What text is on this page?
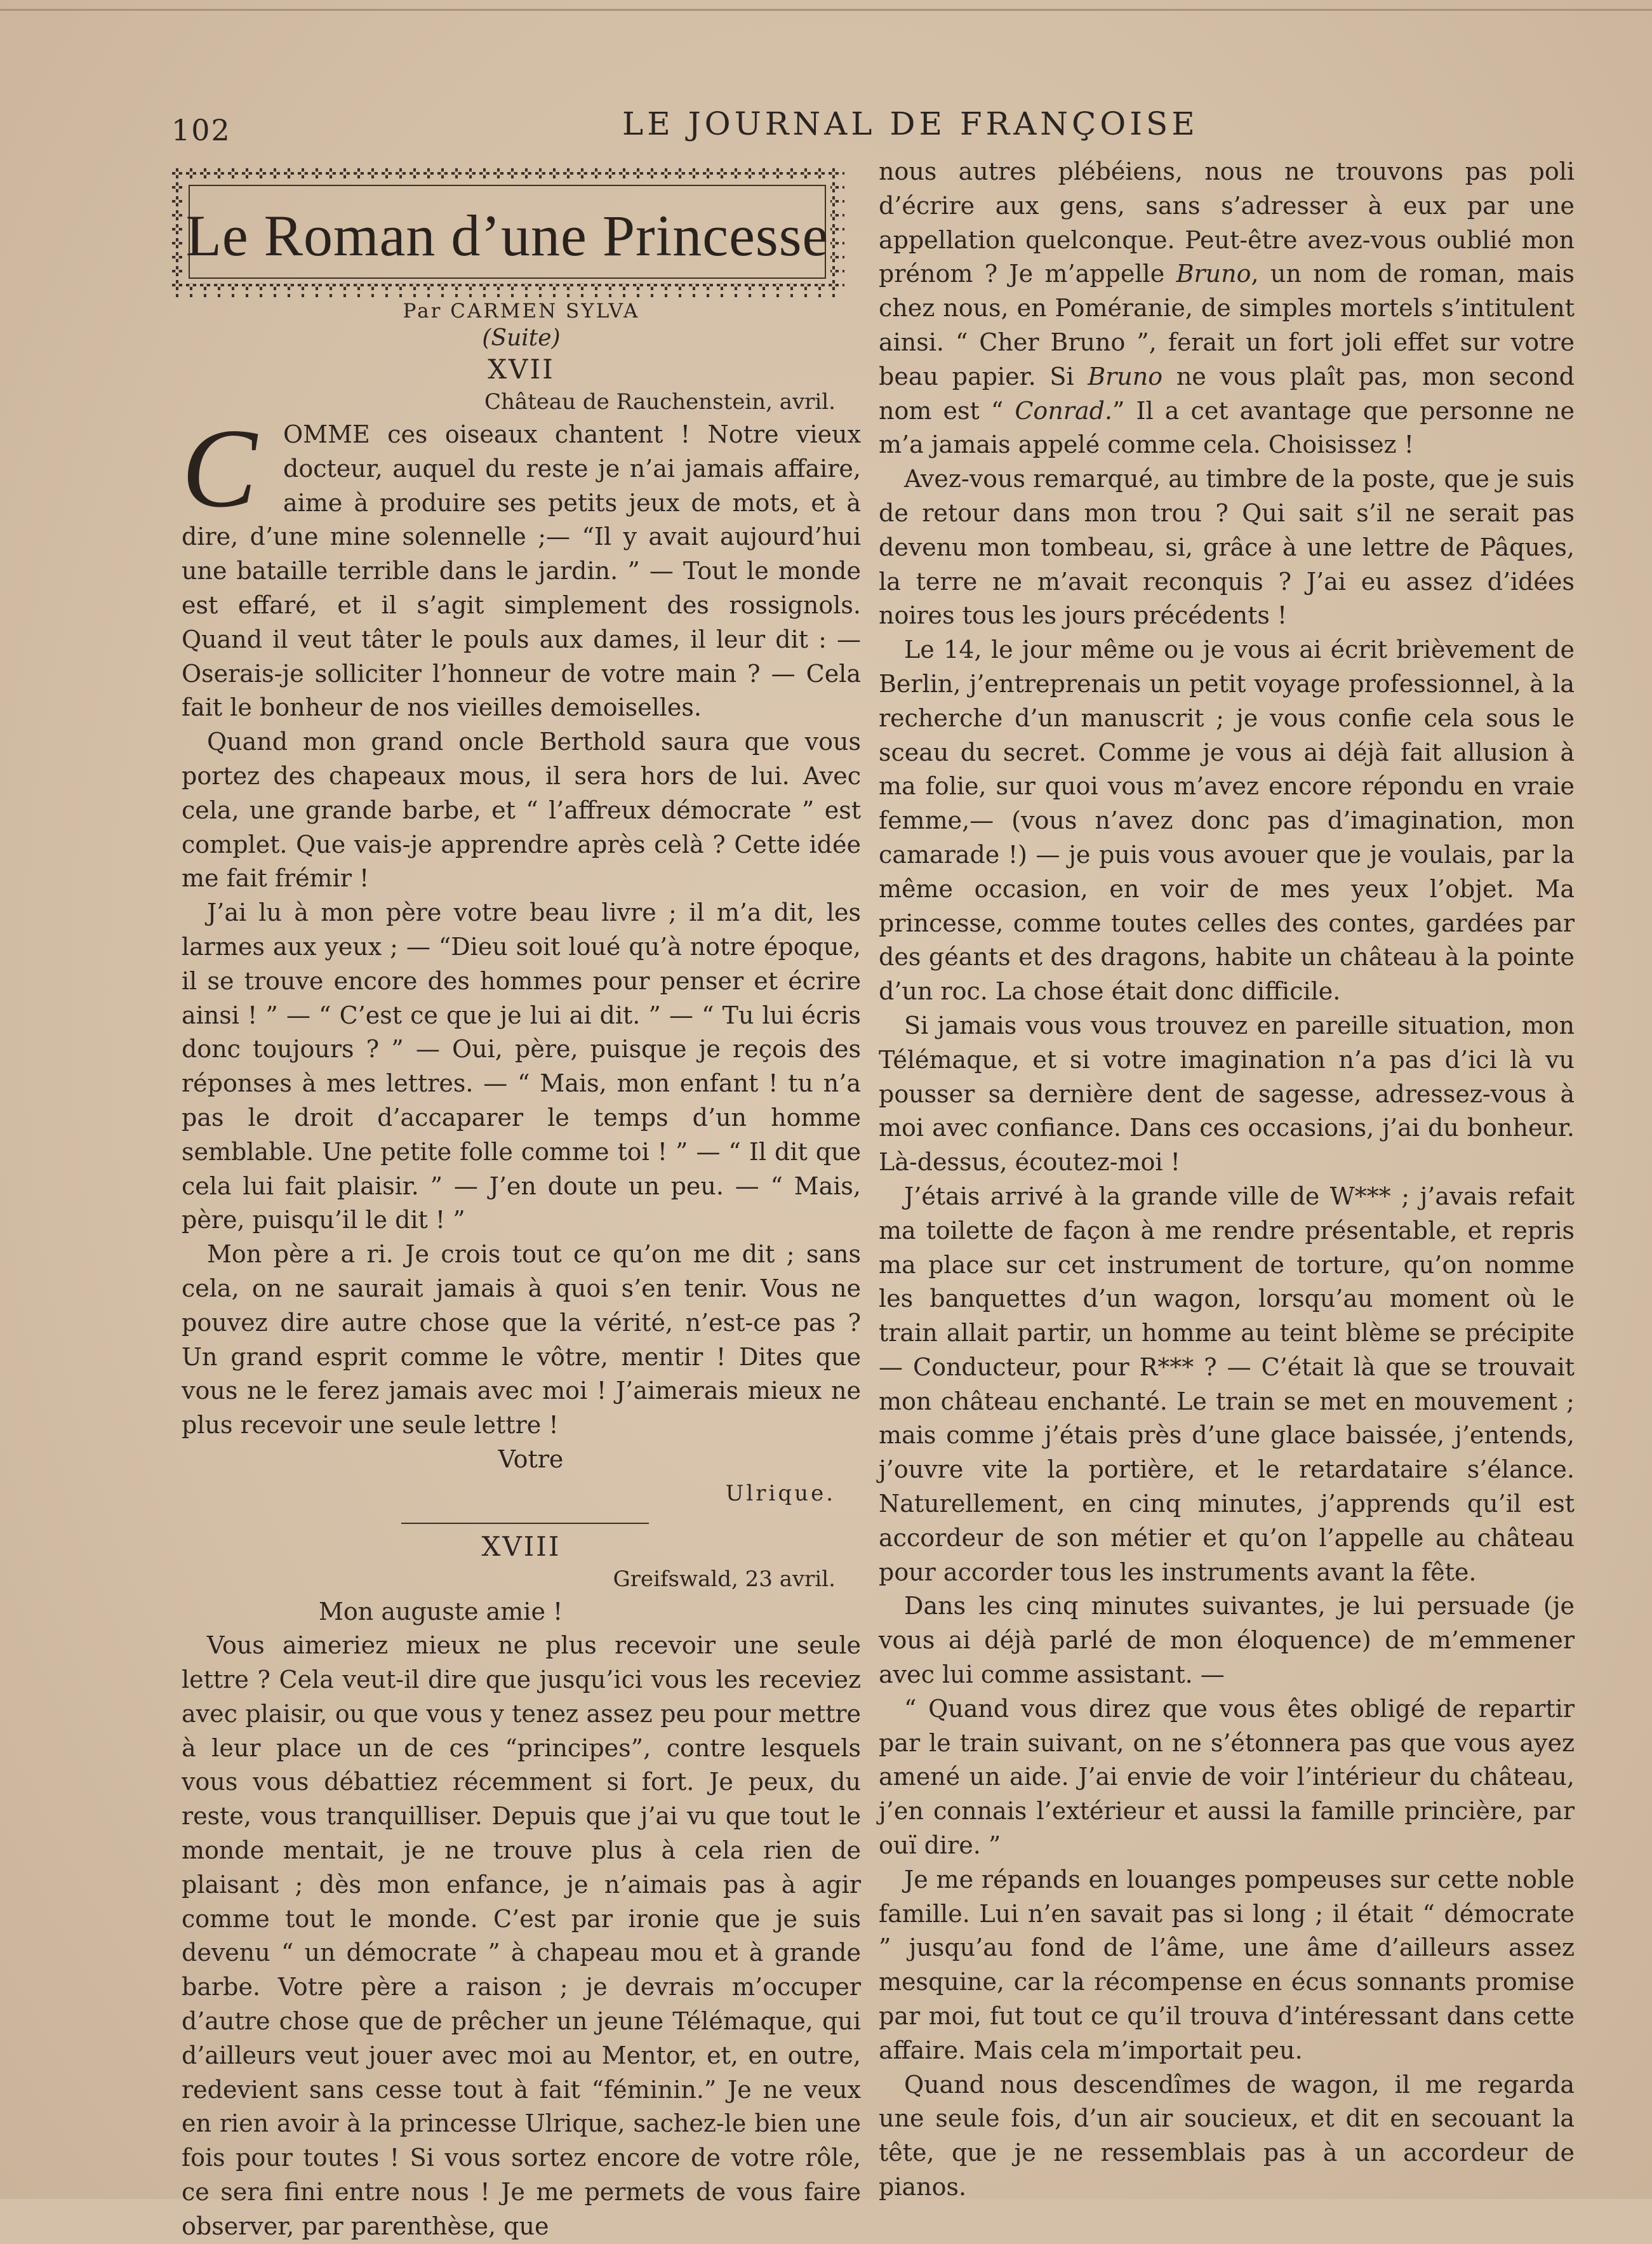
102	LE JOURNAL DE FRANÇOISE
Le Roman d’une Princesse
Par CARMEN SYLVA
(Suite)
XVII
Château de Rauchenstein, avril.

C	OMME ces oiseaux chantent ! Notre vieux docteur, auquel du reste je n’ai jamais affaire, aime à produire ses petits jeux de mots, et à dire, d’une mine solennelle ;— “Il y avait aujourd’hui une bataille terrible dans le jardin. ” — Tout le monde est effaré, et il s’agit simplement des rossignols. Quand il veut tâter le pouls aux dames, il leur dit : — Oserais-je solliciter l’honneur de votre main ? — Cela fait le bonheur de nos vieilles demoiselles.

Quand mon grand oncle Berthold saura que vous portez des chapeaux mous, il sera hors de lui. Avec cela, une grande barbe, et “ l’affreux démocrate ” est complet. Que vais-je apprendre après celà ? Cette idée me fait frémir !

J’ai lu à mon père votre beau livre ; il m’a dit, les larmes aux yeux ; — “Dieu soit loué qu’à notre époque, il se trouve encore des hommes pour penser et écrire ainsi ! ” — “ C’est ce que je lui ai dit. ” — “ Tu lui écris donc toujours ? ” — Oui, père, puisque je reçois des réponses à mes lettres. — “ Mais, mon enfant ! tu n’a pas le droit d’accaparer le temps d’un homme semblable. Une petite folle comme toi ! ” — “ Il dit que cela lui fait plaisir. ” — J’en doute un peu. — “ Mais, père, puisqu’il le dit ! ”

Mon père a ri. Je crois tout ce qu’on me dit ; sans cela, on ne saurait jamais à quoi s’en tenir. Vous ne pouvez dire autre chose que la vérité, n’est-ce pas ? Un grand esprit comme le vôtre, mentir ! Dites que vous ne le ferez jamais avec moi ! J’aimerais mieux ne plus recevoir une seule lettre !

Votre
Ulrique.
XVIII
Greifswald, 23 avril.

Mon auguste amie !

Vous aimeriez mieux ne plus recevoir une seule lettre ? Cela veut-il dire que jusqu’ici vous les receviez avec plaisir, ou que vous y tenez assez peu pour mettre à leur place un de ces “principes”, contre lesquels vous vous débattiez récemment si fort. Je peux, du reste, vous tranquilliser. Depuis que j’ai vu que tout le monde mentait, je ne trouve plus à cela rien de plaisant ; dès mon enfance, je n’aimais pas à agir comme tout le monde. C’est par ironie que je suis devenu “ un démocrate ” à chapeau mou et à grande barbe. Votre père a raison ; je devrais m’occuper d’autre chose que de prêcher un jeune Télémaque, qui d’ailleurs veut jouer avec moi au Mentor, et, en outre, redevient sans cesse tout à fait “féminin.” Je ne veux en rien avoir à la princesse Ulrique, sachez-le bien une fois pour toutes ! Si vous sortez encore de votre rôle, ce sera fini entre nous ! Je me permets de vous faire observer, par parenthèse, que

nous autres plébéiens, nous ne trouvons pas poli d’écrire aux gens, sans s’adresser à eux par une appellation quelconque. Peut-être avez-vous oublié mon prénom ? Je m’appelle Bruno, un nom de roman, mais chez nous, en Poméranie, de simples mortels s’intitulent ainsi. “ Cher Bruno ”, ferait un fort joli effet sur votre beau papier. Si Bruno ne vous plaît pas, mon second nom est “ Conrad.” Il a cet avantage que personne ne m’a jamais appelé comme cela. Choisissez !

Avez-vous remarqué, au timbre de la poste, que je suis de retour dans mon trou ? Qui sait s’il ne serait pas devenu mon tombeau, si, grâce à une lettre de Pâques, la terre ne m’avait reconquis ? J’ai eu assez d’idées noires tous les jours précédents !

Le 14, le jour même ou je vous ai écrit brièvement de Berlin, j’entreprenais un petit voyage professionnel, à la recherche d’un manuscrit ; je vous confie cela sous le sceau du secret. Comme je vous ai déjà fait allusion à ma folie, sur quoi vous m’avez encore répondu en vraie femme,— (vous n’avez donc pas d’imagination, mon camarade !) — je puis vous avouer que je voulais, par la même occasion, en voir de mes yeux l’objet. Ma princesse, comme toutes celles des contes, gardées par des géants et des dragons, habite un château à la pointe d’un roc. La chose était donc difficile.

Si jamais vous vous trouvez en pareille situation, mon Télémaque, et si votre imagination n’a pas d’ici là vu pousser sa dernière dent de sagesse, adressez-vous à moi avec confiance. Dans ces occasions, j’ai du bonheur. Là-dessus, écoutez-moi !

J’étais arrivé à la grande ville de W*** ; j’avais refait ma toilette de façon à me rendre présentable, et repris ma place sur cet instrument de torture, qu’on nomme les banquettes d’un wagon, lorsqu’au moment où le train allait partir, un homme au teint blème se précipite — Conducteur, pour R*** ? — C’était là que se trouvait mon château enchanté. Le train se met en mouvement ; mais comme j’étais près d’une glace baissée, j’entends, j’ouvre vite la portière, et le retardataire s’élance. Naturellement, en cinq minutes, j’apprends qu’il est accordeur de son métier et qu’on l’appelle au château pour accorder tous les instruments avant la fête.

Dans les cinq minutes suivantes, je lui persuade (je vous ai déjà parlé de mon éloquence) de m’emmener avec lui comme assistant. —

“ Quand vous direz que vous êtes obligé de repartir par le train suivant, on ne s’étonnera pas que vous ayez amené un aide. J’ai envie de voir l’intérieur du château, j’en connais l’extérieur et aussi la famille princière, par ouï dire. ”

Je me répands en louanges pompeuses sur cette noble famille. Lui n’en savait pas si long ; il était “ démocrate ” jusqu’au fond de l’âme, une âme d’ailleurs assez mesquine, car la récompense en écus sonnants promise par moi, fut tout ce qu’il trouva d’intéressant dans cette affaire. Mais cela m’importait peu.

Quand nous descendîmes de wagon, il me regarda une seule fois, d’un air soucieux, et dit en secouant la tête, que je ne ressemblais pas à un accordeur de pianos.
